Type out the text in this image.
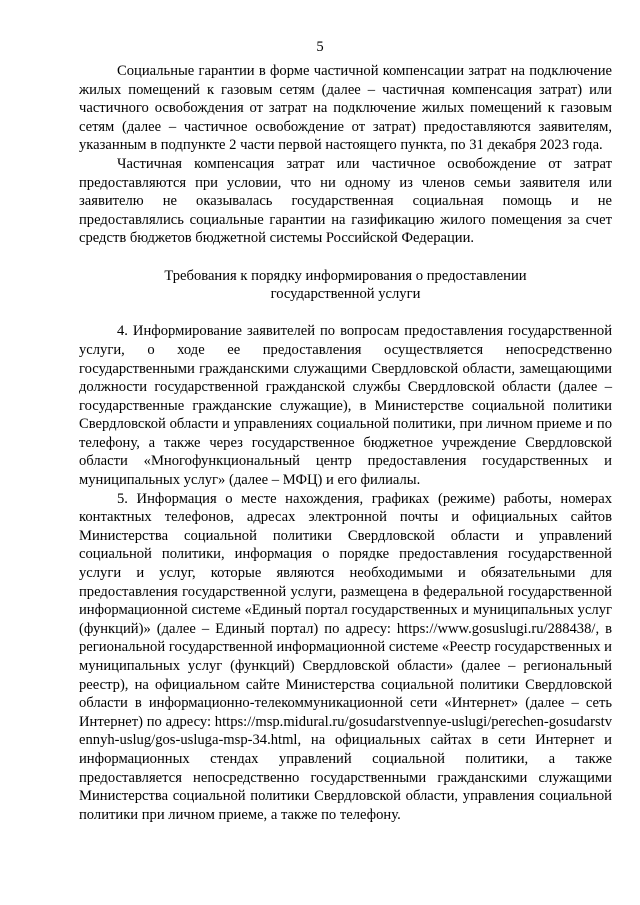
5

Социальные гарантии в форме частичной компенсации затрат на подключение жилых помещений к газовым сетям (далее – частичная компенсация затрат) или частичного освобождения от затрат на подключение жилых помещений к газовым сетям (далее – частичное освобождение от затрат) предоставляются заявителям, указанным в подпункте 2 части первой настоящего пункта, по 31 декабря 2023 года.

Частичная компенсация затрат или частичное освобождение от затрат предоставляются при условии, что ни одному из членов семьи заявителя или заявителю не оказывалась государственная социальная помощь и не предоставлялись социальные гарантии на газификацию жилого помещения за счет средств бюджетов бюджетной системы Российской Федерации.

Требования к порядку информирования о предоставлении государственной услуги

4. Информирование заявителей по вопросам предоставления государственной услуги, о ходе ее предоставления осуществляется непосредственно государственными гражданскими служащими Свердловской области, замещающими должности государственной гражданской службы Свердловской области (далее – государственные гражданские служащие), в Министерстве социальной политики Свердловской области и управлениях социальной политики, при личном приеме и по телефону, а также через государственное бюджетное учреждение Свердловской области «Многофункциональный центр предоставления государственных и муниципальных услуг» (далее – МФЦ) и его филиалы.

5. Информация о месте нахождения, графиках (режиме) работы, номерах контактных телефонов, адресах электронной почты и официальных сайтов Министерства социальной политики Свердловской области и управлений социальной политики, информация о порядке предоставления государственной услуги и услуг, которые являются необходимыми и обязательными для предоставления государственной услуги, размещена в федеральной государственной информационной системе «Единый портал государственных и муниципальных услуг (функций)» (далее – Единый портал) по адресу: https://www.gosuslugi.ru/288438/, в региональной государственной информационной системе «Реестр государственных и муниципальных услуг (функций) Свердловской области» (далее – региональный реестр), на официальном сайте Министерства социальной политики Свердловской области в информационно-телекоммуникационной сети «Интернет» (далее – сеть Интернет) по адресу: https://msp.midural.ru/gosudarstvennye-uslugi/perechen-gosudarstvennyh-uslug/gos-usluga-msp-34.html, на официальных сайтах в сети Интернет и информационных стендах управлений социальной политики, а также предоставляется непосредственно государственными гражданскими служащими Министерства социальной политики Свердловской области, управления социальной политики при личном приеме, а также по телефону.
